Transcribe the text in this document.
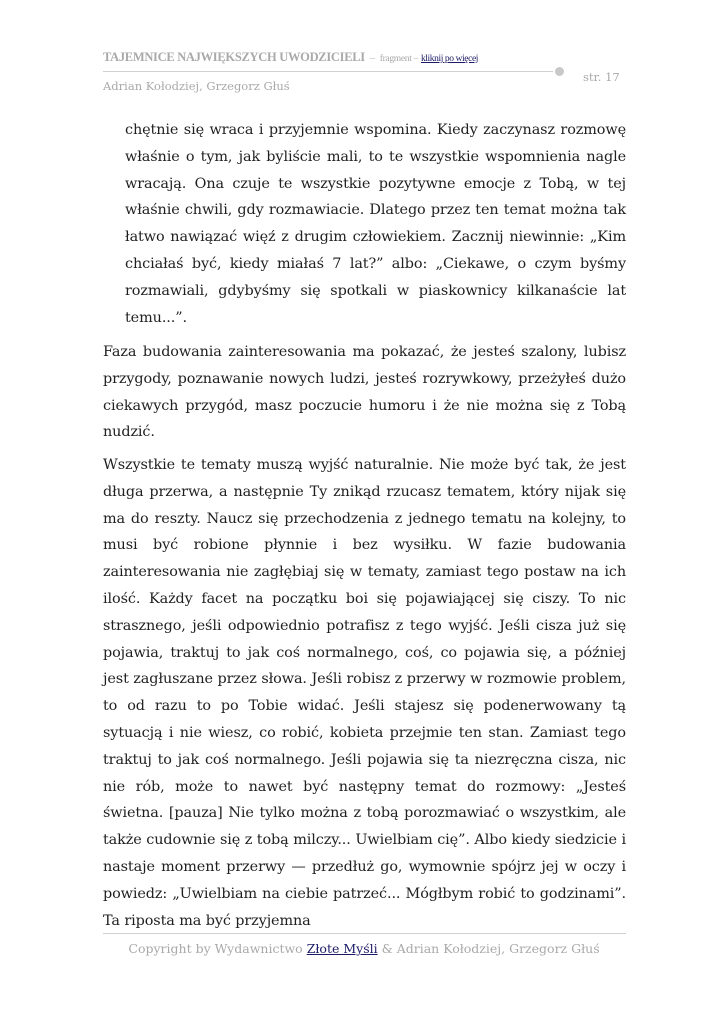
TAJEMNICE NAJWIĘKSZYCH UWODZICIELI – fragment – kliknij po więcej
str. 17
Adrian Kołodziej, Grzegorz Głuś
chętnie się wraca i przyjemnie wspomina. Kiedy zaczynasz rozmowę właśnie o tym, jak byliście mali, to te wszystkie wspomnienia nagle wracają. Ona czuje te wszystkie pozytywne emocje z Tobą, w tej właśnie chwili, gdy rozmawiacie. Dlatego przez ten temat można tak łatwo nawiązać więź z drugim człowiekiem. Zacznij niewinnie: „Kim chciałaś być, kiedy miałaś 7 lat?” albo: „Ciekawe, o czym byśmy rozmawiali, gdybyśmy się spotkali w piaskownicy kilkanaście lat temu...”.
Faza budowania zainteresowania ma pokazać, że jesteś szalony, lubisz przygody, poznawanie nowych ludzi, jesteś rozrywkowy, przeżyłeś dużo ciekawych przygód, masz poczucie humoru i że nie można się z Tobą nudzić.
Wszystkie te tematy muszą wyjść naturalnie. Nie może być tak, że jest długa przerwa, a następnie Ty znikąd rzucasz tematem, który nijak się ma do reszty. Naucz się przechodzenia z jednego tematu na kolejny, to musi być robione płynnie i bez wysiłku. W fazie budowania zainteresowania nie zagłębiaj się w tematy, zamiast tego postaw na ich ilość. Każdy facet na początku boi się pojawiającej się ciszy. To nic strasznego, jeśli odpowiednio potrafisz z tego wyjść. Jeśli cisza już się pojawia, traktuj to jak coś normalnego, coś, co pojawia się, a później jest zagłuszane przez słowa. Jeśli robisz z przerwy w rozmowie problem, to od razu to po Tobie widać. Jeśli stajesz się podenerwowany tą sytuacją i nie wiesz, co robić, kobieta przejmie ten stan. Zamiast tego traktuj to jak coś normalnego. Jeśli pojawia się ta niezręczna cisza, nic nie rób, może to nawet być następny temat do rozmowy: „Jesteś świetna. [pauza] Nie tylko można z tobą porozmawiać o wszystkim, ale także cudownie się z tobą milczy... Uwielbiam cię”. Albo kiedy siedzicie i nastaje moment przerwy — przedłuż go, wymownie spójrz jej w oczy i powiedz: „Uwielbiam na ciebie patrzeć... Mógłbym robić to godzinami”. Ta riposta ma być przyjemna
Copyright by Wydawnictwo Złote Myśli & Adrian Kołodziej, Grzegorz Głuś
